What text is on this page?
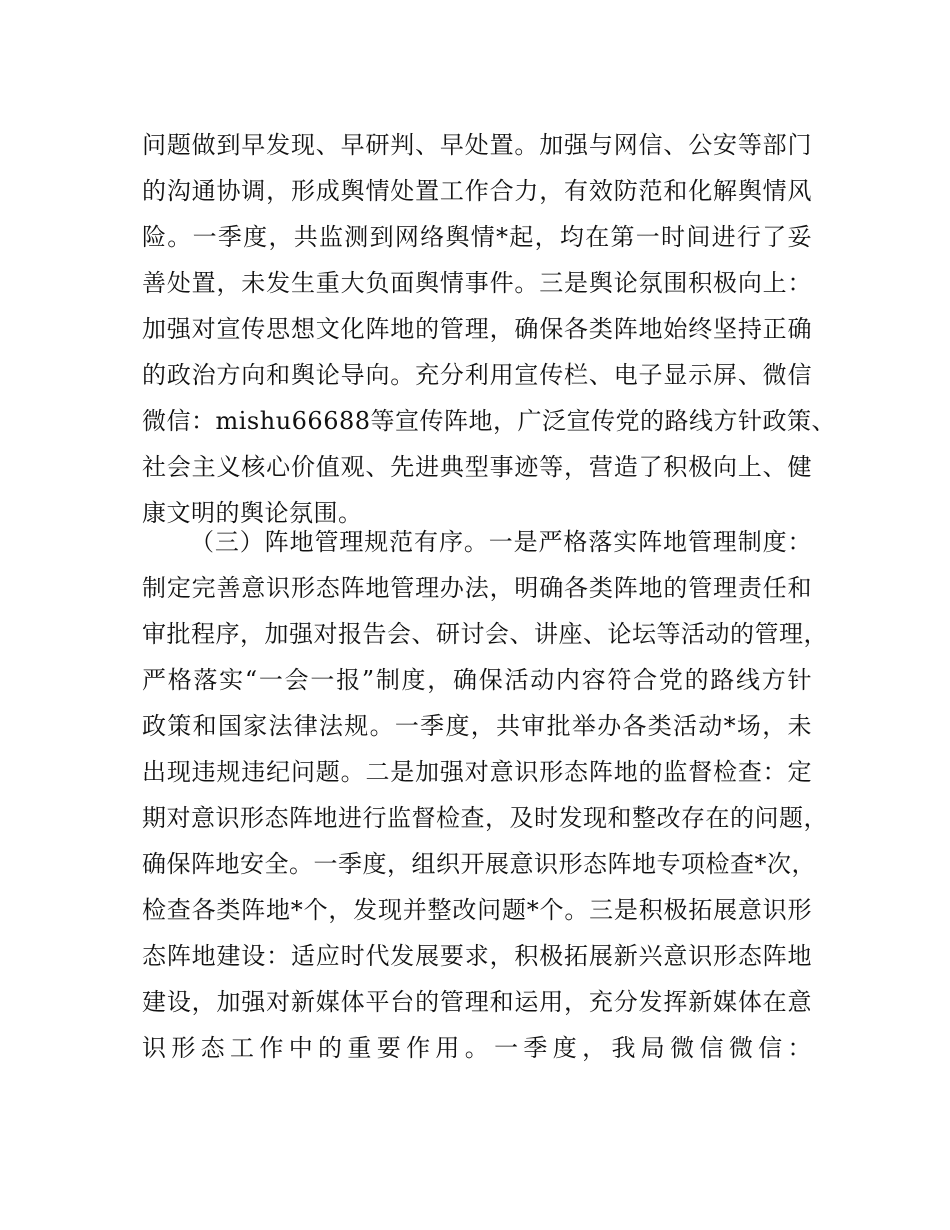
问题做到早发现、早研判、早处置。加强与网信、公安等部门
的沟通协调，形成舆情处置工作合力，有效防范和化解舆情风
险。一季度，共监测到网络舆情*起，均在第一时间进行了妥
善处置，未发生重大负面舆情事件。三是舆论氛围积极向上：
加强对宣传思想文化阵地的管理，确保各类阵地始终坚持正确
的政治方向和舆论导向。充分利用宣传栏、电子显示屏、微信
微信：mishu66688等宣传阵地，广泛宣传党的路线方针政策、
社会主义核心价值观、先进典型事迹等，营造了积极向上、健
康文明的舆论氛围。
（三）阵地管理规范有序。一是严格落实阵地管理制度：
制定完善意识形态阵地管理办法，明确各类阵地的管理责任和
审批程序，加强对报告会、研讨会、讲座、论坛等活动的管理，
严格落实“一会一报”制度，确保活动内容符合党的路线方针
政策和国家法律法规。一季度，共审批举办各类活动*场，未
出现违规违纪问题。二是加强对意识形态阵地的监督检查：定
期对意识形态阵地进行监督检查，及时发现和整改存在的问题，
确保阵地安全。一季度，组织开展意识形态阵地专项检查*次，
检查各类阵地*个，发现并整改问题*个。三是积极拓展意识形
态阵地建设：适应时代发展要求，积极拓展新兴意识形态阵地
建设，加强对新媒体平台的管理和运用，充分发挥新媒体在意
识形态工作中的重要作用。一季度，我局微信微信：
